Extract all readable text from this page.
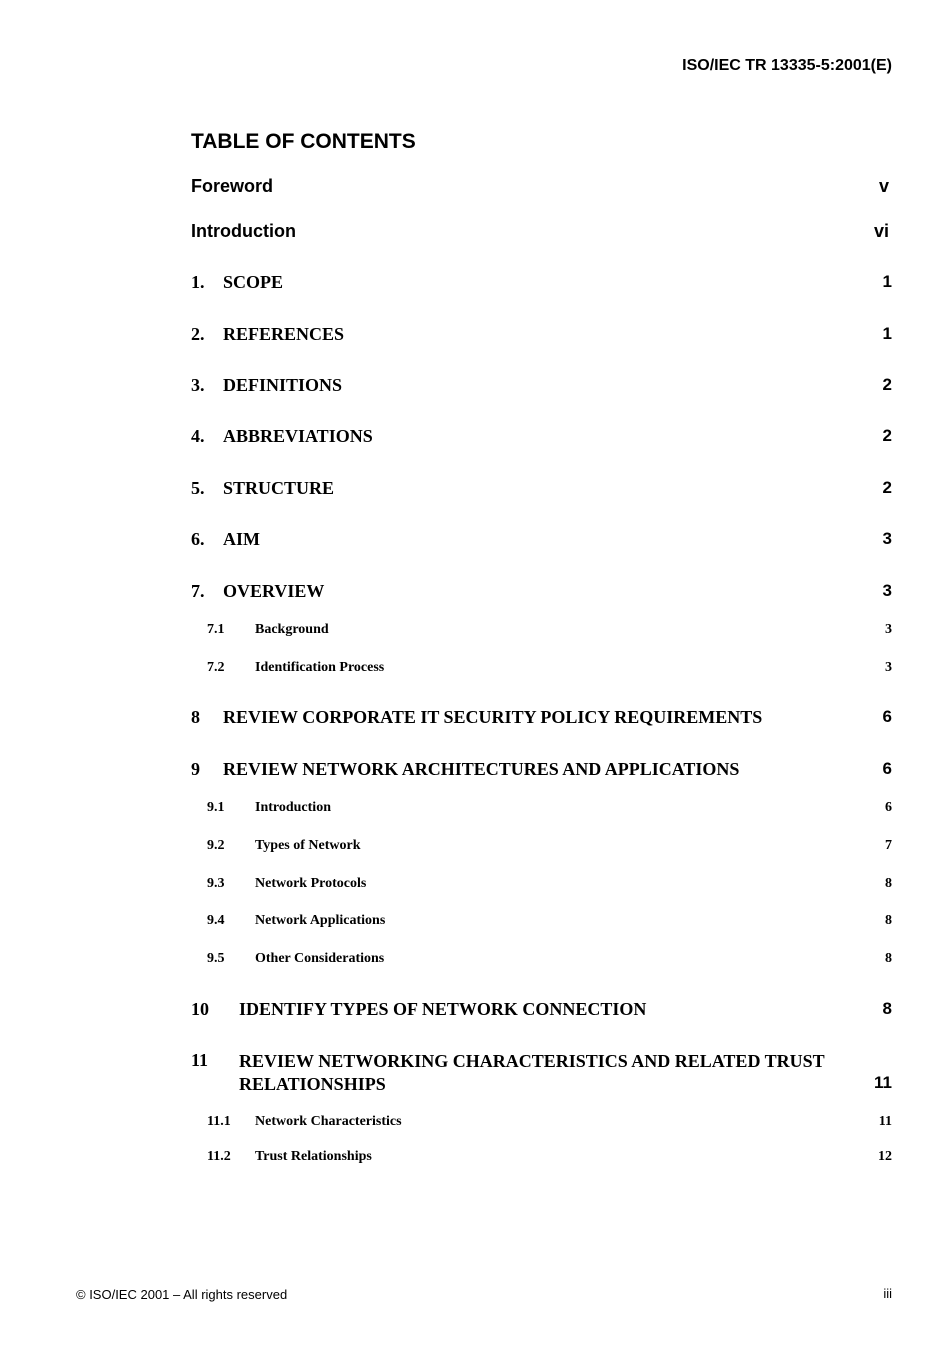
ISO/IEC TR 13335-5:2001(E)
TABLE OF CONTENTS
Foreword	v
Introduction	vi
1. SCOPE	1
2. REFERENCES	1
3. DEFINITIONS	2
4. ABBREVIATIONS	2
5. STRUCTURE	2
6. AIM	3
7. OVERVIEW	3
7.1 Background	3
7.2 Identification Process	3
8 REVIEW CORPORATE IT SECURITY POLICY REQUIREMENTS	6
9 REVIEW NETWORK ARCHITECTURES AND APPLICATIONS	6
9.1 Introduction	6
9.2 Types of Network	7
9.3 Network Protocols	8
9.4 Network Applications	8
9.5 Other Considerations	8
10 IDENTIFY TYPES OF NETWORK CONNECTION	8
11 REVIEW NETWORKING CHARACTERISTICS AND RELATED TRUST
RELATIONSHIPS	11
11.1 Network Characteristics	11
11.2 Trust Relationships	12
© ISO/IEC 2001 – All rights reserved	iii
